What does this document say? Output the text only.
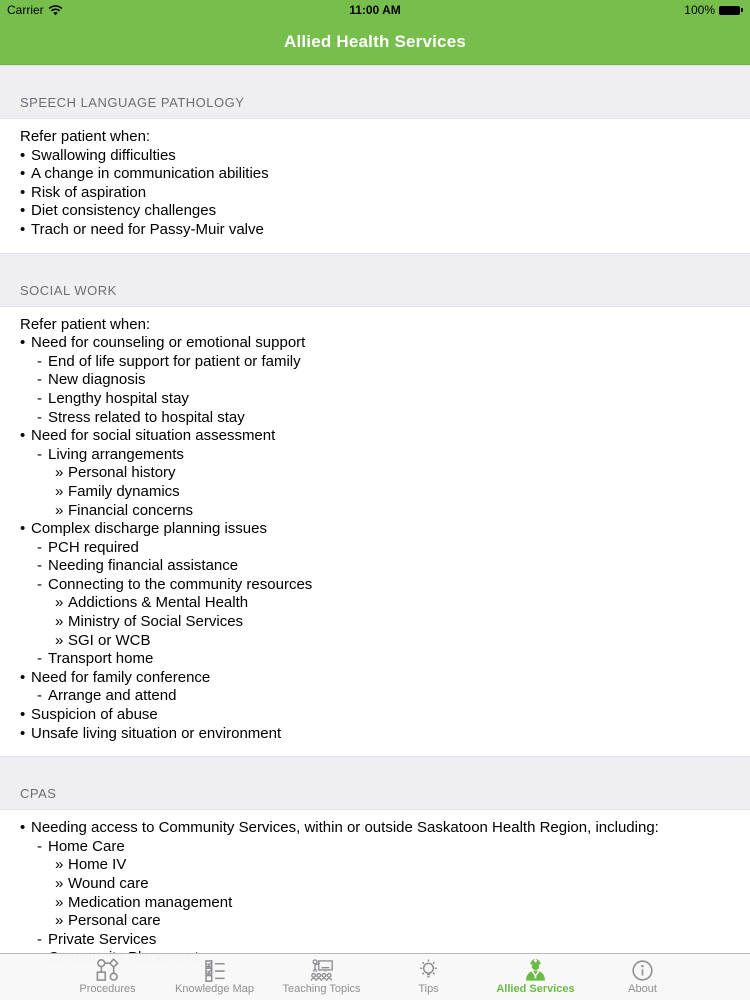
Carrier	11:00 AM	100%
Allied Health Services
SPEECH LANGUAGE PATHOLOGY
Refer patient when:
• Swallowing difficulties
• A change in communication abilities
• Risk of aspiration
• Diet consistency challenges
• Trach or need for Passy-Muir valve
SOCIAL WORK
Refer patient when:
• Need for counseling or emotional support
- End of life support for patient or family
- New diagnosis
- Lengthy hospital stay
- Stress related to hospital stay
• Need for social situation assessment
- Living arrangements
» Personal history
» Family dynamics
» Financial concerns
• Complex discharge planning issues
- PCH required
- Needing financial assistance
- Connecting to the community resources
» Addictions & Mental Health
» Ministry of Social Services
» SGI or WCB
- Transport home
• Need for family conference
- Arrange and attend
• Suspicion of abuse
• Unsafe living situation or environment
CPAS
• Needing access to Community Services, within or outside Saskatoon Health Region, including:
- Home Care
» Home IV
» Wound care
» Medication management
» Personal care
- Private Services
Procedures	Knowledge Map	Teaching Topics	Tips	Allied Services	About
